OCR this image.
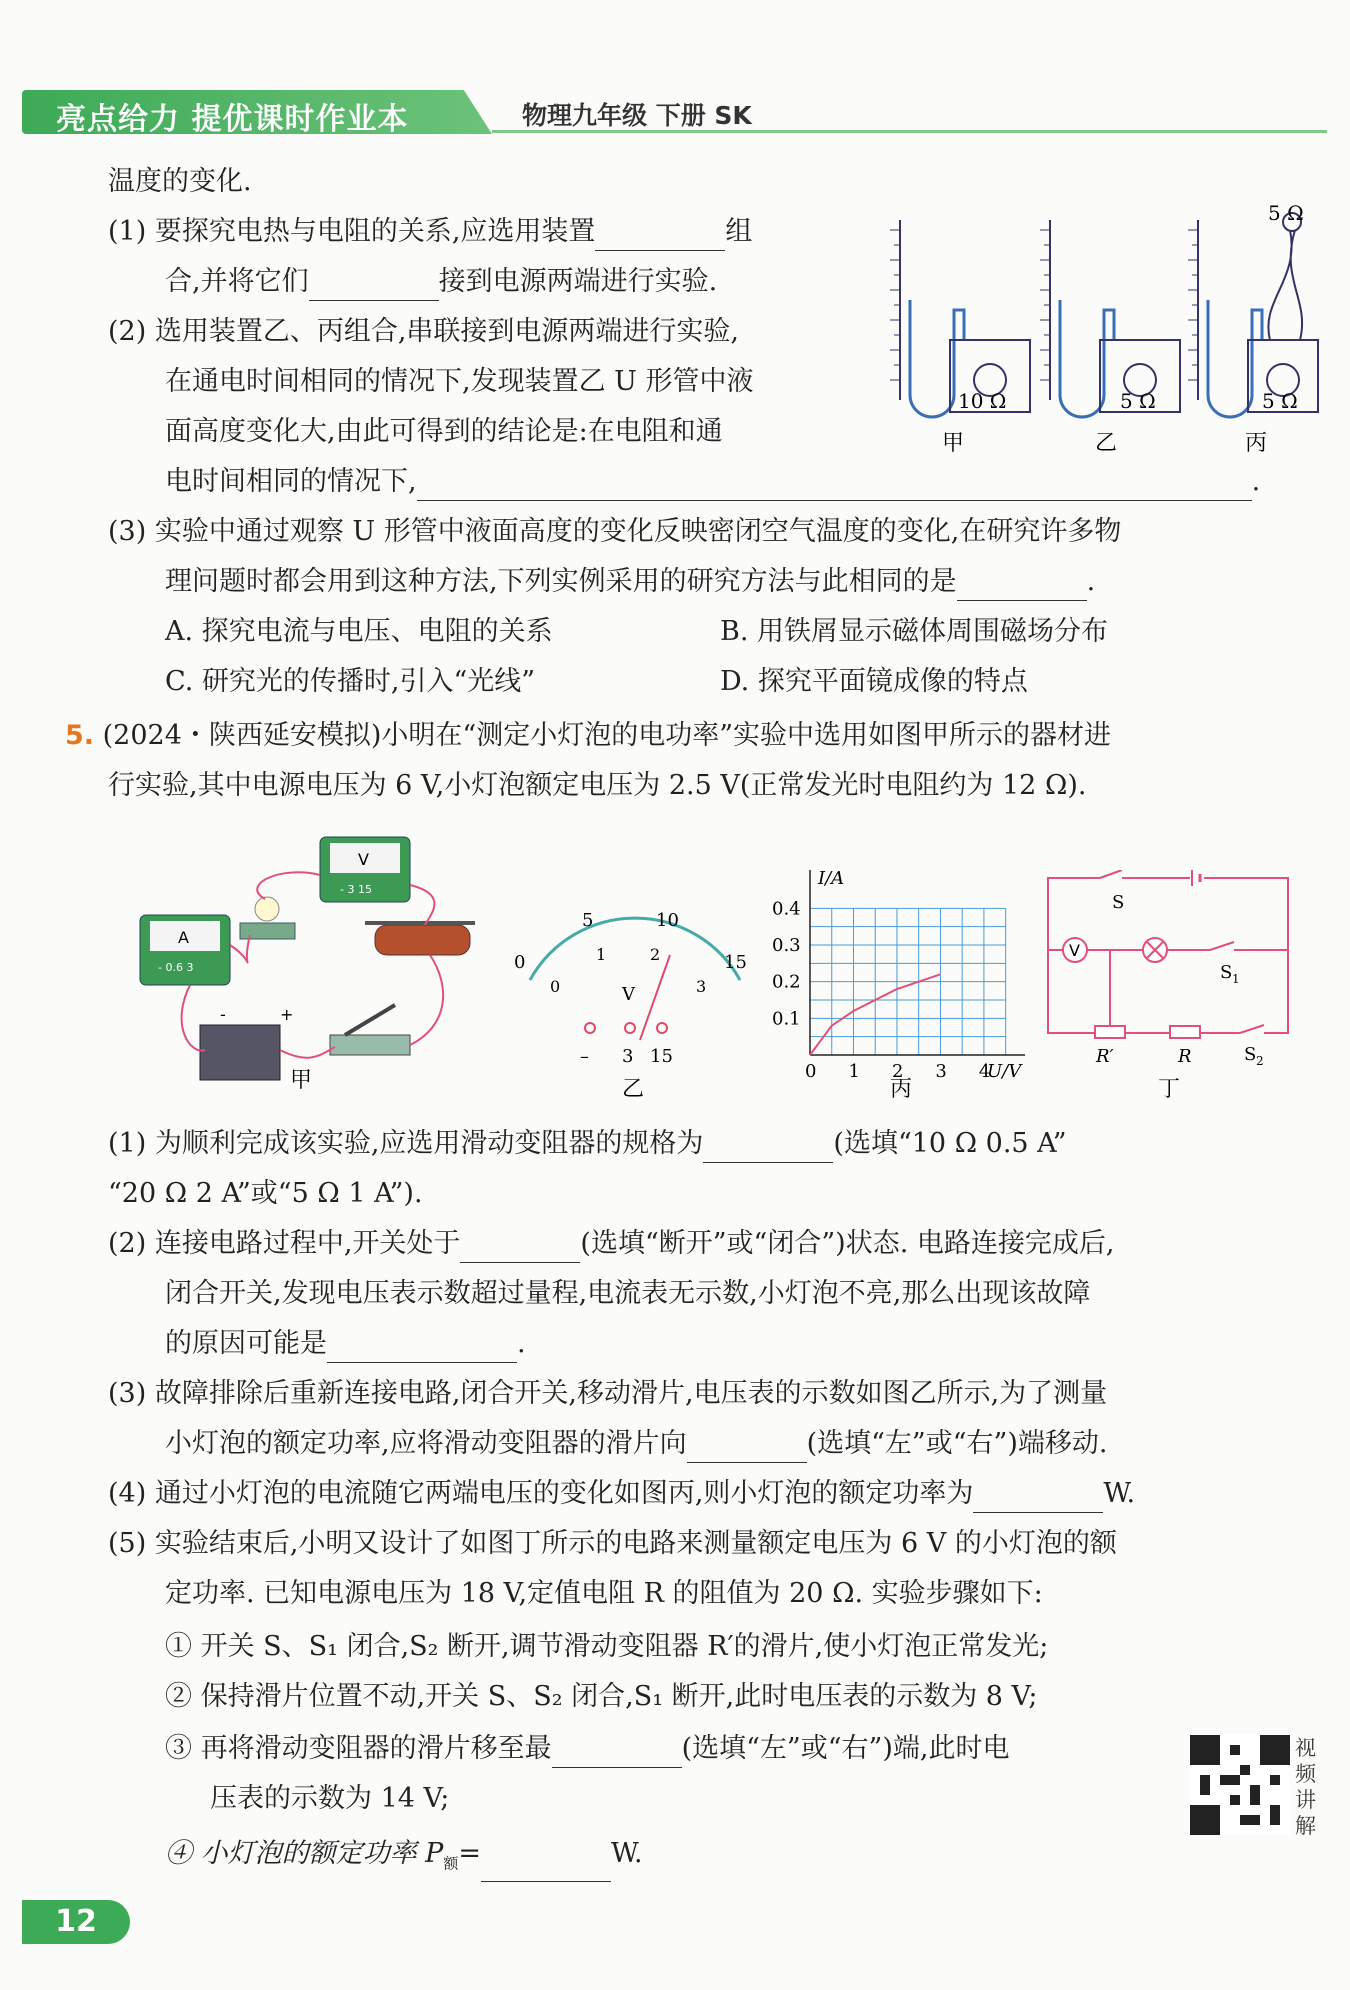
亮点给力 提优课时作业本	物理九年级 下册 SK
温度的变化.
(1) 要探究电热与电阻的关系,应选用装置	组
合,并将它们	接到电源两端进行实验.
(2) 选用装置乙、丙组合,串联接到电源两端进行实验,
在通电时间相同的情况下,发现装置乙 U 形管中液
面高度变化大,由此可得到的结论是:在电阻和通
电时间相同的情况下,	.
(3) 实验中通过观察 U 形管中液面高度的变化反映密闭空气温度的变化,在研究许多物
理问题时都会用到这种方法,下列实例采用的研究方法与此相同的是	.
A. 探究电流与电压、电阻的关系	B. 用铁屑显示磁体周围磁场分布
C. 研究光的传播时,引入“光线”	D. 探究平面镜成像的特点
10 Ω	5 Ω	5 Ω
5 Ω
甲	乙	丙
5. (2024・陕西延安模拟)小明在“测定小灯泡的电功率”实验中选用如图甲所示的器材进
行实验,其中电源电压为 6 V,小灯泡额定电压为 2.5 V(正常发光时电阻约为 12 Ω).
V
- 3 15
A
- 0.6 3
-	+
甲
0
5	10
15
0
1	2
3
V
– 3 15
乙
0 1 2 3 4
0.1
0.2
0.3
0.4
U/V
I/A
丙
V
S
S 1
S 2
R′	R
丁
(1) 为顺利完成该实验,应选用滑动变阻器的规格为	(选填“10 Ω 0.5 A”
“20 Ω 2 A”或“5 Ω 1 A”).
(2) 连接电路过程中,开关处于	(选填“断开”或“闭合”)状态. 电路连接完成后,
闭合开关,发现电压表示数超过量程,电流表无示数,小灯泡不亮,那么出现该故障
的原因可能是	.
(3) 故障排除后重新连接电路,闭合开关,移动滑片,电压表的示数如图乙所示,为了测量
小灯泡的额定功率,应将滑动变阻器的滑片向	(选填“左”或“右”)端移动.
(4) 通过小灯泡的电流随它两端电压的变化如图丙,则小灯泡的额定功率为	W.
(5) 实验结束后,小明又设计了如图丁所示的电路来测量额定电压为 6 V 的小灯泡的额
定功率. 已知电源电压为 18 V,定值电阻 R 的阻值为 20 Ω. 实验步骤如下:
① 开关 S、S₁ 闭合,S₂ 断开,调节滑动变阻器 R′的滑片,使小灯泡正常发光;
② 保持滑片位置不动,开关 S、S₂ 闭合,S₁ 断开,此时电压表的示数为 8 V;
③ 再将滑动变阻器的滑片移至最	(选填“左”或“右”)端,此时电
压表的示数为 14 V;
④ 小灯泡的额定功率 $P_额=$	W.
视频讲解
12
